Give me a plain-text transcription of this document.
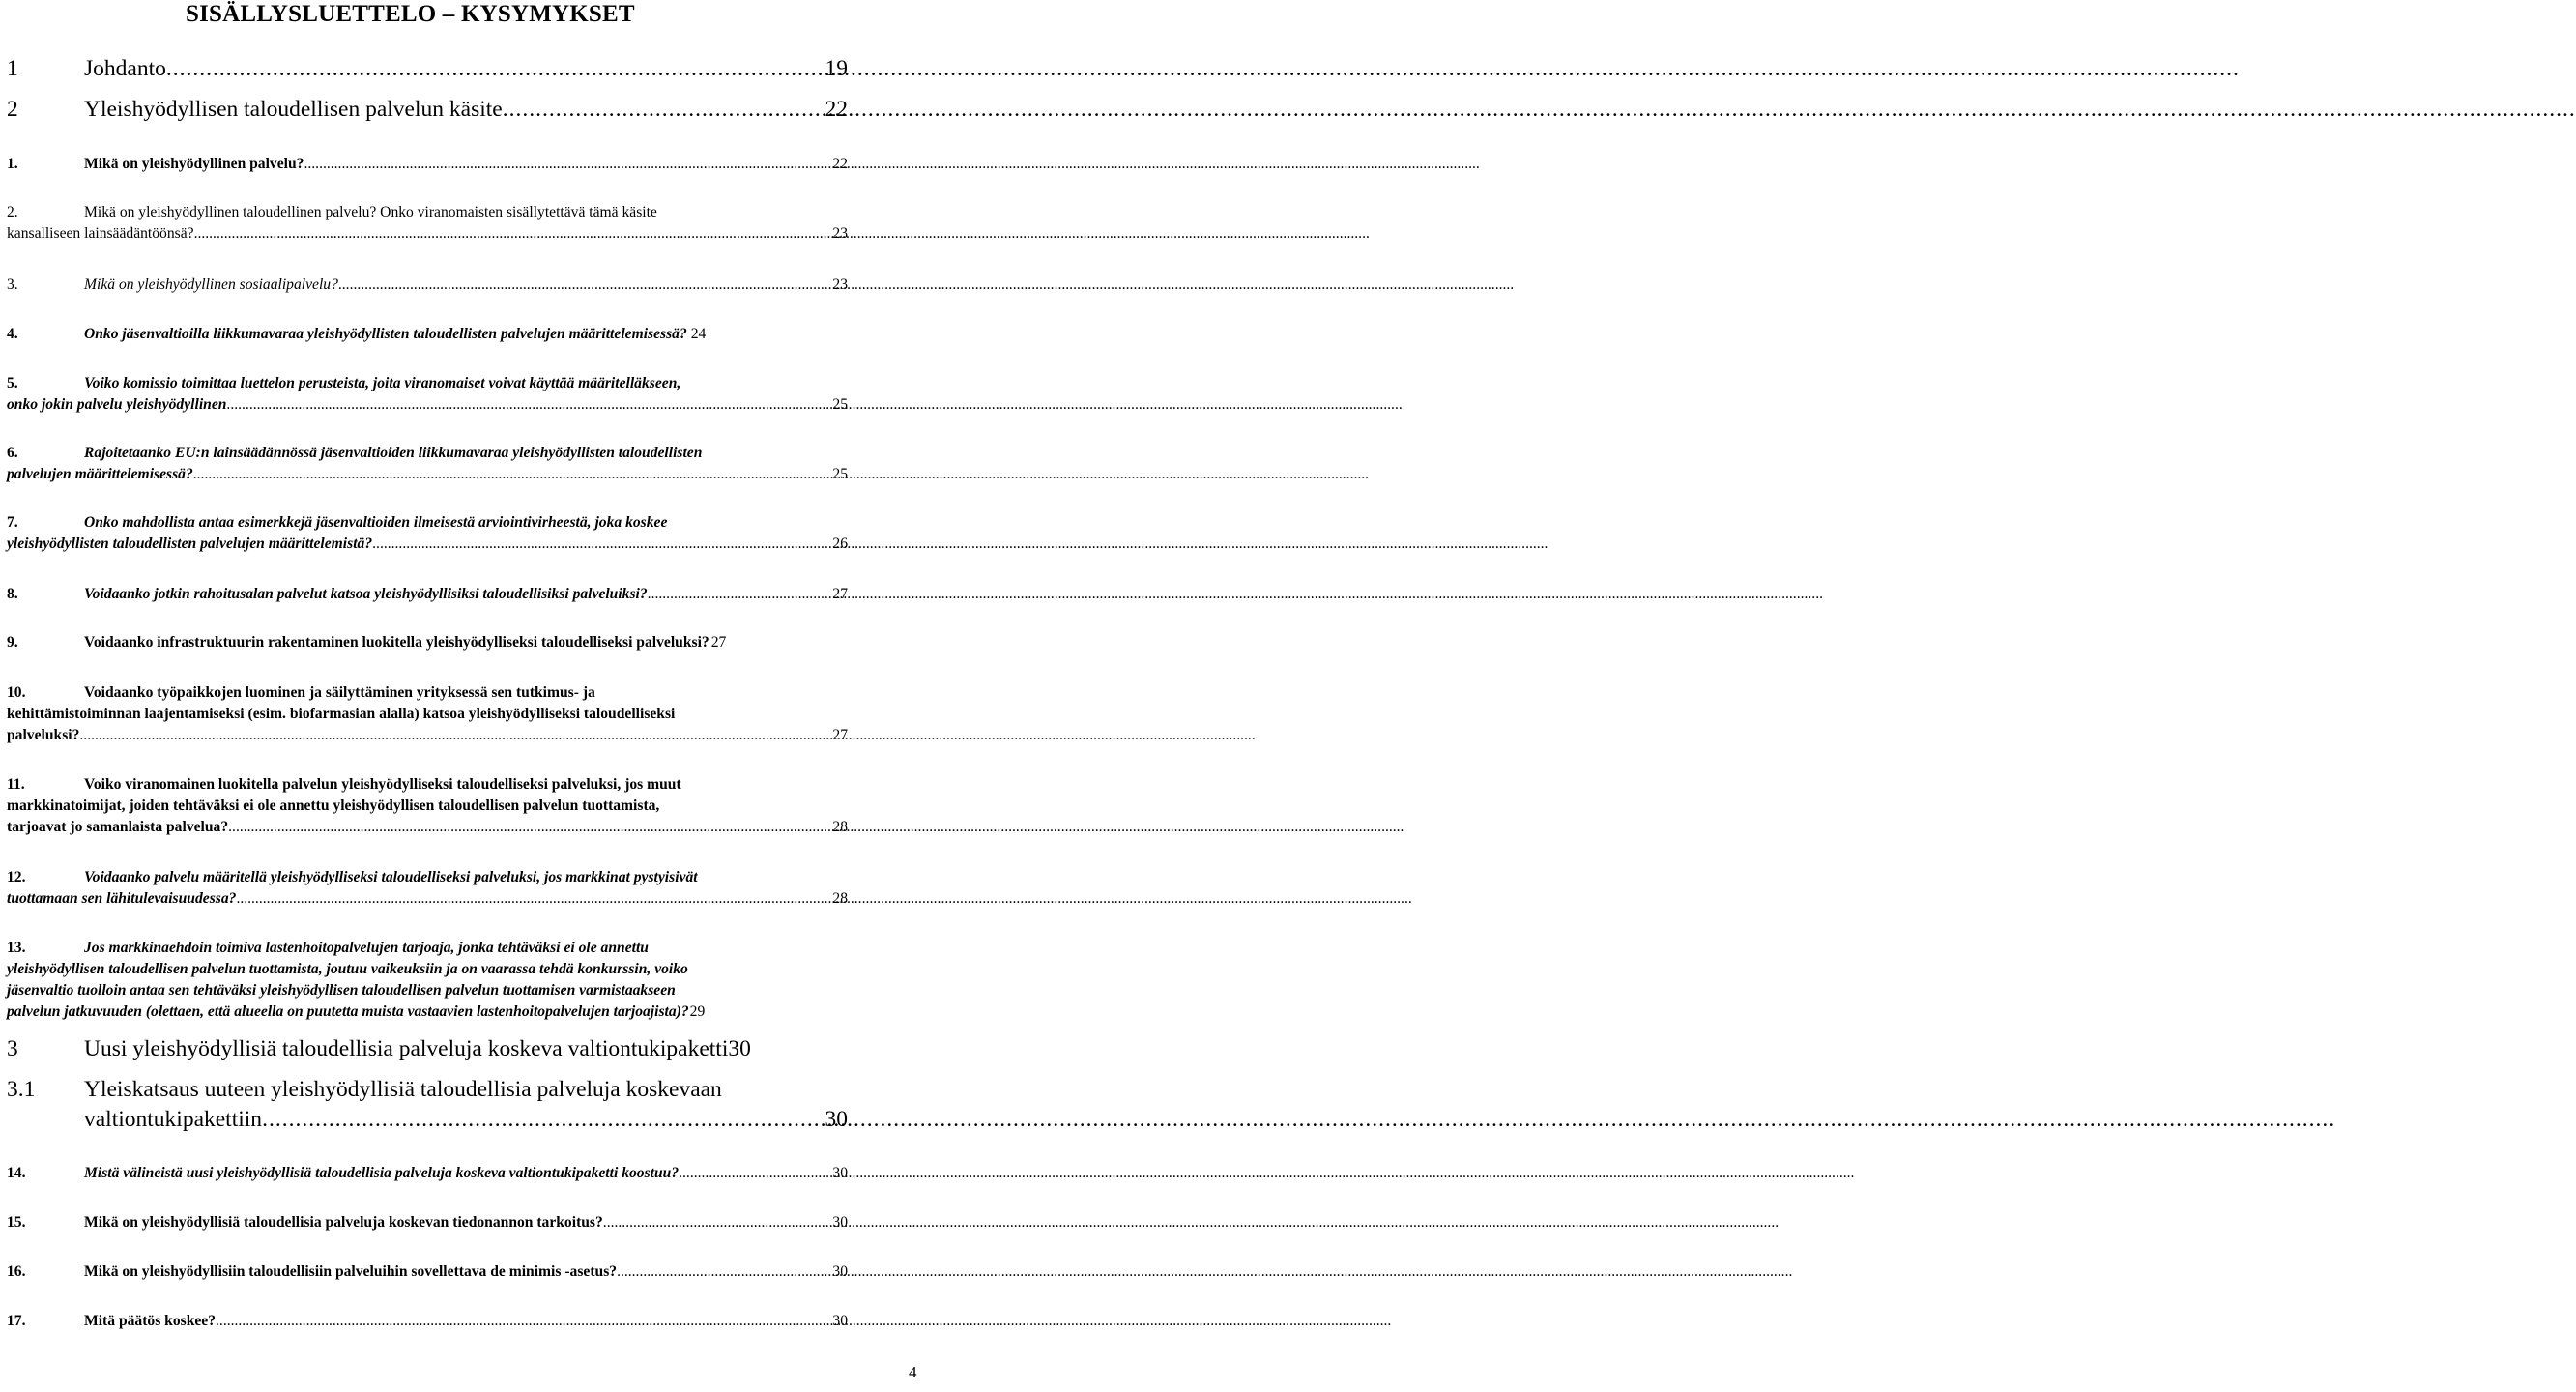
SISÄLLYSLUETTELO – KYSYMYKSET
1	Johdanto .....	19
2	Yleishyödyllisen taloudellisen palvelun käsite .....	22
1.	Mikä on yleishyödyllinen palvelu? .....	22
2.	Mikä on yleishyödyllinen taloudellinen palvelu? Onko viranomaisten sisällytettävä tämä käsite
kansalliseen lainsäädäntöönsä? .....	23
3.	Mikä on yleishyödyllinen sosiaalipalvelu? .....	23
4.	Onko jäsenvaltioilla liikkumavaraa yleishyödyllisten taloudellisten palvelujen määrittelemisessä? 24
5.	Voiko komissio toimittaa luettelon perusteista, joita viranomaiset voivat käyttää määritelläkseen,
onko jokin palvelu yleishyödyllinen .....	25
6.	Rajoitetaanko EU:n lainsäädännössä jäsenvaltioiden liikkumavaraa yleishyödyllisten taloudellisten
palvelujen määrittelemisessä? .....	25
7.	Onko mahdollista antaa esimerkkejä jäsenvaltioiden ilmeisestä arviointivirheestä, joka koskee
yleishyödyllisten taloudellisten palvelujen määrittelemistä? .....	26
8.	Voidaanko jotkin rahoitusalan palvelut katsoa yleishyödyllisiksi taloudellisiksi palveluiksi? .....	27
9.	Voidaanko infrastruktuurin rakentaminen luokitella yleishyödylliseksi taloudelliseksi palveluksi? 27
10.	Voidaanko työpaikkojen luominen ja säilyttäminen yrityksessä sen tutkimus- ja
kehittämistoiminnan laajentamiseksi (esim. biofarmasian alalla) katsoa yleishyödylliseksi taloudelliseksi
palveluksi? .....	27
11.	Voiko viranomainen luokitella palvelun yleishyödylliseksi taloudelliseksi palveluksi, jos muut
markkinatoimijat, joiden tehtäväksi ei ole annettu yleishyödyllisen taloudellisen palvelun tuottamista,
tarjoavat jo samanlaista palvelua? .....	28
12.	Voidaanko palvelu määritellä yleishyödylliseksi taloudelliseksi palveluksi, jos markkinat pystyisivät
tuottamaan sen lähitulevaisuudessa? .....	28
13.	Jos markkinaehdoin toimiva lastenhoitopalvelujen tarjoaja, jonka tehtäväksi ei ole annettu
yleishyödyllisen taloudellisen palvelun tuottamista, joutuu vaikeuksiin ja on vaarassa tehdä konkurssin, voiko
jäsenvaltio tuolloin antaa sen tehtäväksi yleishyödyllisen taloudellisen palvelun tuottamisen varmistaakseen
palvelun jatkuvuuden (olettaen, että alueella on puutetta muista vastaavien lastenhoitopalvelujen tarjoajista)? 29
3	Uusi yleishyödyllisiä taloudellisia palveluja koskeva valtiontukipaketti 30
3.1	Yleiskatsaus uuteen yleishyödyllisiä taloudellisia palveluja koskevaan
valtiontukipakettiin .....	30
14.	Mistä välineistä uusi yleishyödyllisiä taloudellisia palveluja koskeva valtiontukipaketti koostuu? .....	30
15.	Mikä on yleishyödyllisiä taloudellisia palveluja koskevan tiedonannon tarkoitus? .....	30
16.	Mikä on yleishyödyllisiin taloudellisiin palveluihin sovellettava de minimis -asetus? .....	30
17.	Mitä päätös koskee? .....	30
4
